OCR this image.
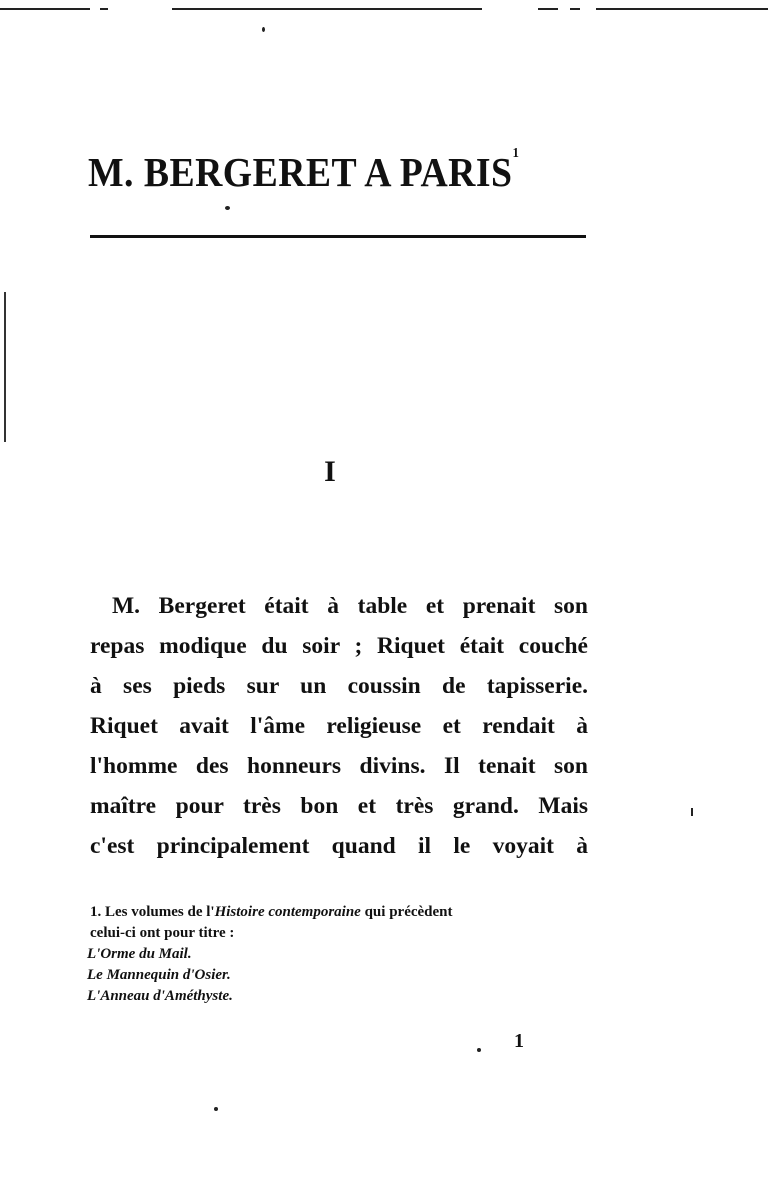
M. BERGERET A PARIS$^1$
I
M. Bergeret était à table et prenait son
repas modique du soir ; Riquet était couché
à ses pieds sur un coussin de tapisserie.
Riquet avait l'âme religieuse et rendait à
l'homme des honneurs divins. Il tenait son
maître pour très bon et très grand. Mais
c'est principalement quand il le voyait à
1. Les volumes de l'Histoire contemporaine qui précèdent
celui-ci ont pour titre :
L'Orme du Mail.
Le Mannequin d'Osier.
L'Anneau d'Améthyste.
1
